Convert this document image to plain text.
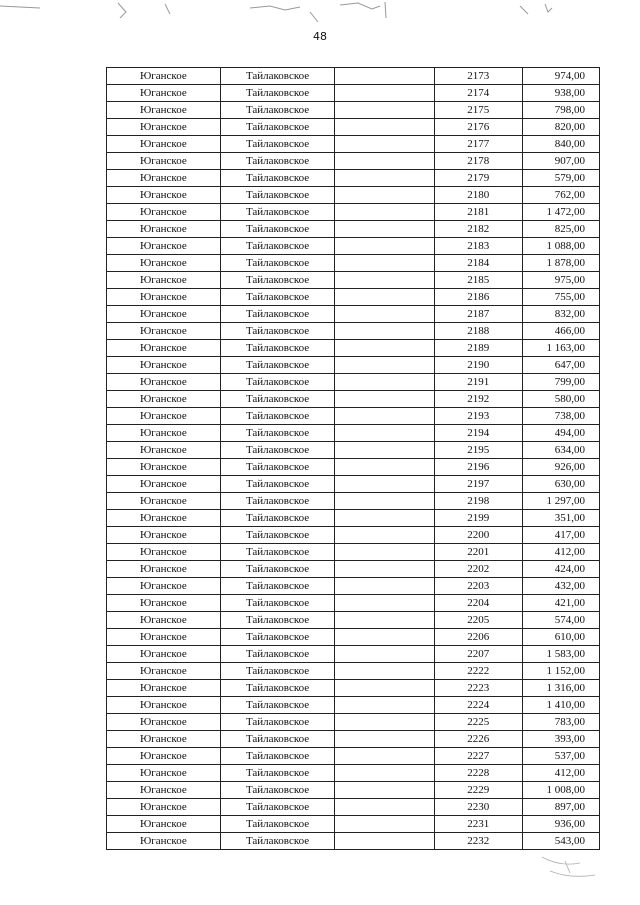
48
Юганское	Тайлаковское		2173	974,00
Юганское	Тайлаковское		2174	938,00
Юганское	Тайлаковское		2175	798,00
Юганское	Тайлаковское		2176	820,00
Юганское	Тайлаковское		2177	840,00
Юганское	Тайлаковское		2178	907,00
Юганское	Тайлаковское		2179	579,00
Юганское	Тайлаковское		2180	762,00
Юганское	Тайлаковское		2181	1 472,00
Юганское	Тайлаковское		2182	825,00
Юганское	Тайлаковское		2183	1 088,00
Юганское	Тайлаковское		2184	1 878,00
Юганское	Тайлаковское		2185	975,00
Юганское	Тайлаковское		2186	755,00
Юганское	Тайлаковское		2187	832,00
Юганское	Тайлаковское		2188	466,00
Юганское	Тайлаковское		2189	1 163,00
Юганское	Тайлаковское		2190	647,00
Юганское	Тайлаковское		2191	799,00
Юганское	Тайлаковское		2192	580,00
Юганское	Тайлаковское		2193	738,00
Юганское	Тайлаковское		2194	494,00
Юганское	Тайлаковское		2195	634,00
Юганское	Тайлаковское		2196	926,00
Юганское	Тайлаковское		2197	630,00
Юганское	Тайлаковское		2198	1 297,00
Юганское	Тайлаковское		2199	351,00
Юганское	Тайлаковское		2200	417,00
Юганское	Тайлаковское		2201	412,00
Юганское	Тайлаковское		2202	424,00
Юганское	Тайлаковское		2203	432,00
Юганское	Тайлаковское		2204	421,00
Юганское	Тайлаковское		2205	574,00
Юганское	Тайлаковское		2206	610,00
Юганское	Тайлаковское		2207	1 583,00
Юганское	Тайлаковское		2222	1 152,00
Юганское	Тайлаковское		2223	1 316,00
Юганское	Тайлаковское		2224	1 410,00
Юганское	Тайлаковское		2225	783,00
Юганское	Тайлаковское		2226	393,00
Юганское	Тайлаковское		2227	537,00
Юганское	Тайлаковское		2228	412,00
Юганское	Тайлаковское		2229	1 008,00
Юганское	Тайлаковское		2230	897,00
Юганское	Тайлаковское		2231	936,00
Юганское	Тайлаковское		2232	543,00
